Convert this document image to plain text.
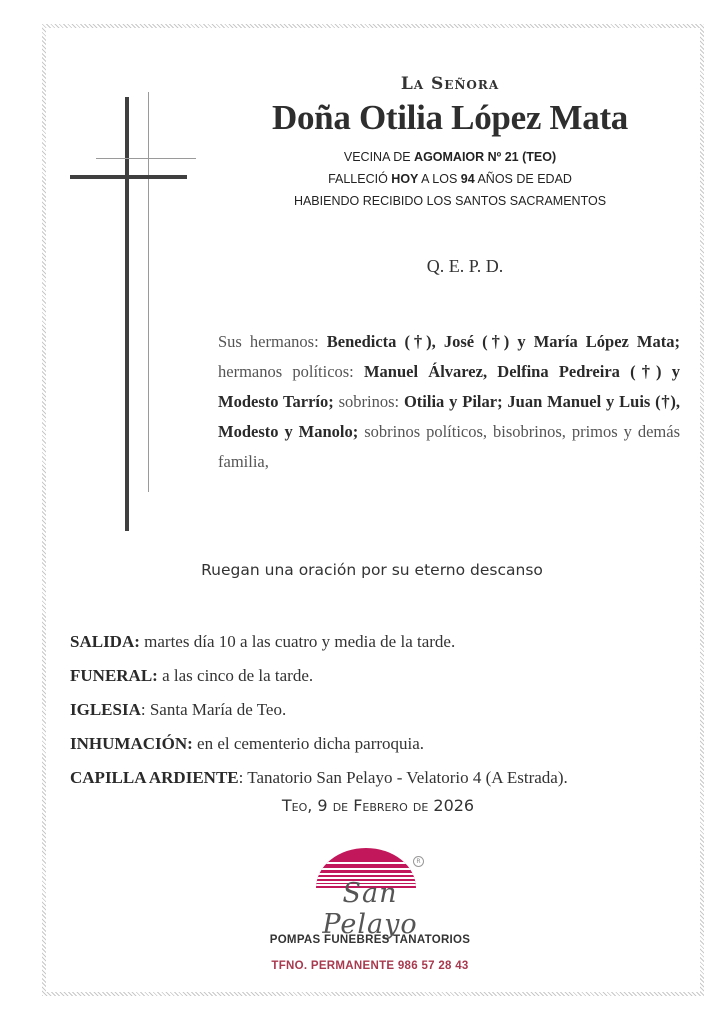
La Señora
Doña Otilia López Mata
VECINA DE AGOMAIOR Nº 21 (TEO)
FALLECIÓ HOY A LOS 94 AÑOS DE EDAD
HABIENDO RECIBIDO LOS SANTOS SACRAMENTOS
Q. E. P. D.
Sus hermanos: Benedicta (†), José (†) y María López Mata; hermanos políticos: Manuel Álvarez, Delfina Pedreira (†) y Modesto Tarrío; sobrinos: Otilia y Pilar; Juan Manuel y Luis (†), Modesto y Manolo; sobrinos políticos, bisobrinos, primos y demás familia,
Ruegan una oración por su eterno descanso
SALIDA: martes día 10 a las cuatro y media de la tarde.
FUNERAL: a las cinco de la tarde.
IGLESIA: Santa María de Teo.
INHUMACIÓN: en el cementerio dicha parroquia.
CAPILLA ARDIENTE: Tanatorio San Pelayo - Velatorio 4 (A Estrada).
Teo, 9 de Febrero de 2026
San Pelayo
R
POMPAS FUNEBRES TANATORIOS
TFNO. PERMANENTE 986 57 28 43
